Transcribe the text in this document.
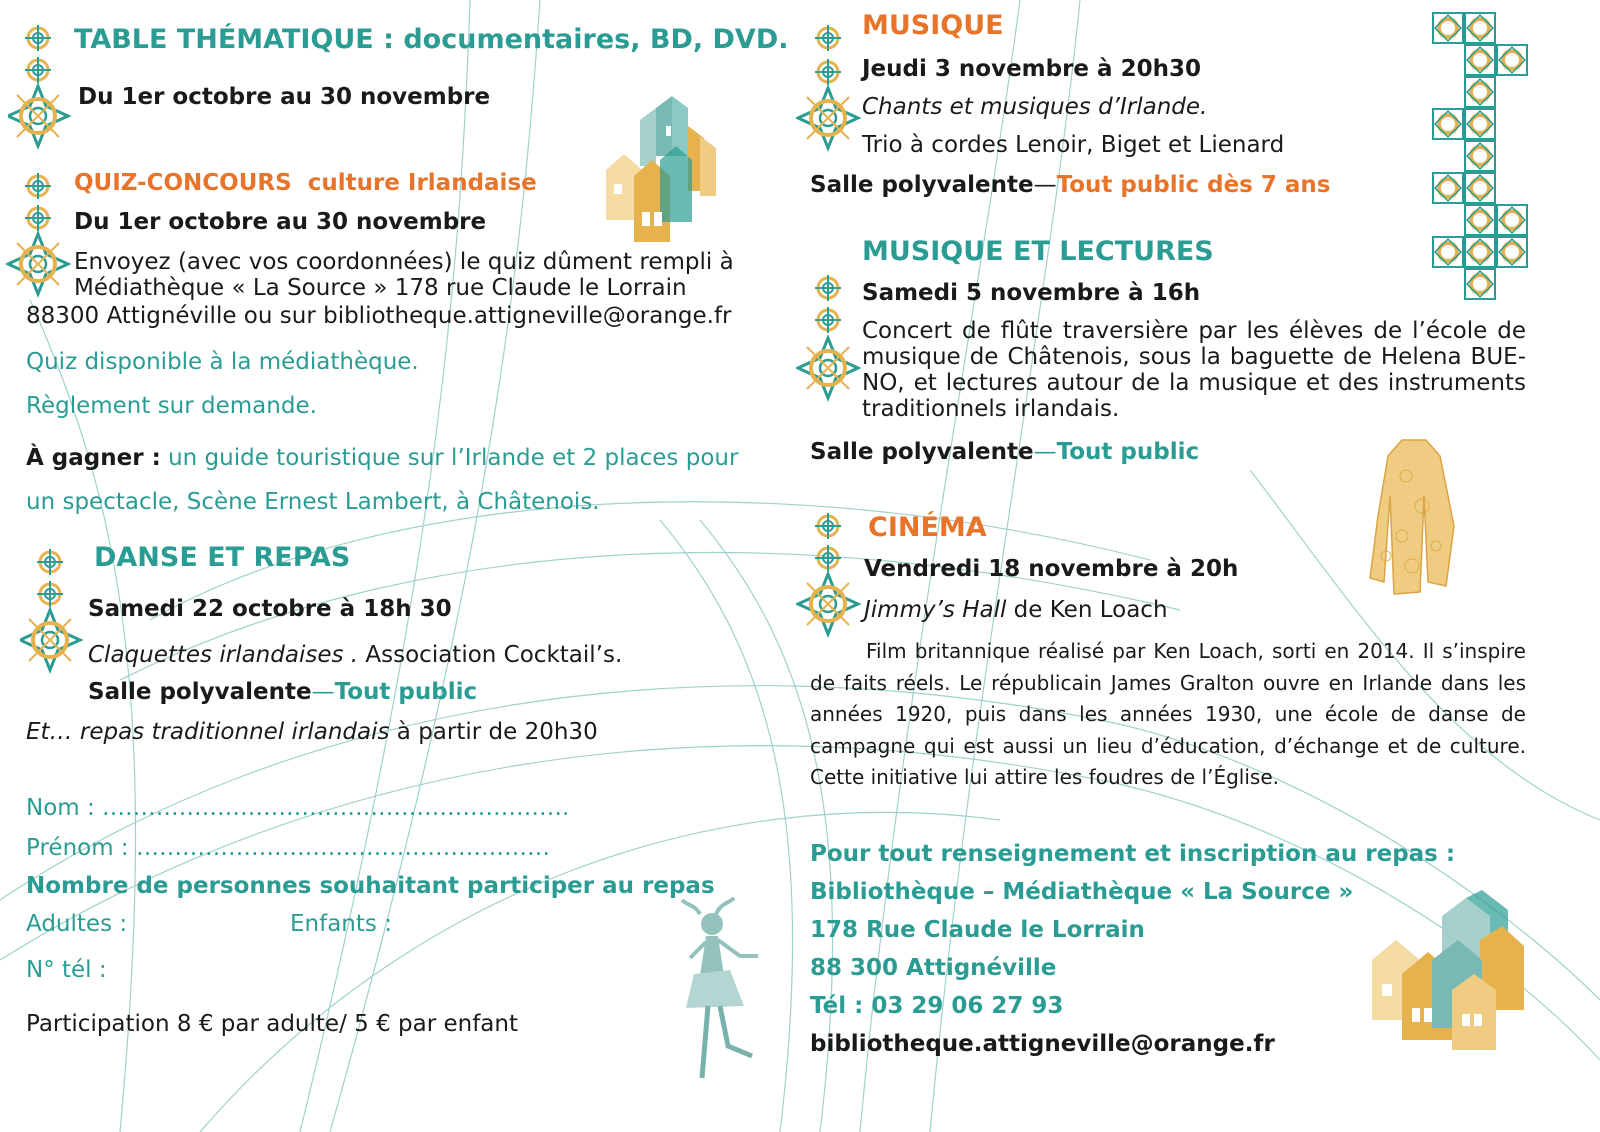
TABLE THÉMATIQUE : documentaires, BD, DVD.
Du 1er octobre au 30 novembre
QUIZ-CONCOURS culture Irlandaise
Du 1er octobre au 30 novembre
Envoyez (avec vos coordonnées) le quiz dûment rempli à
Médiathèque « La Source » 178 rue Claude le Lorrain
88300 Attignéville ou sur bibliotheque.attigneville@orange.fr
Quiz disponible à la médiathèque.
Règlement sur demande.
À gagner : un guide touristique sur l’Irlande et 2 places pour
un spectacle, Scène Ernest Lambert, à Châtenois.
DANSE ET REPAS
Samedi 22 octobre à 18h 30
Claquettes irlandaises . Association Cocktail’s.
Salle polyvalente—Tout public
Et… repas traditionnel irlandais à partir de 20h30
Nom : …………………………………………………….
Prénom : ………………………………………………
Nombre de personnes souhaitant participer au repas
Adultes :	Enfants :
N° tél :
Participation 8 € par adulte/ 5 € par enfant
MUSIQUE
Jeudi 3 novembre à 20h30
Chants et musiques d’Irlande.
Trio à cordes Lenoir, Biget et Lienard
Salle polyvalente—Tout public dès 7 ans
MUSIQUE ET LECTURES
Samedi 5 novembre à 16h
Concert de flûte traversière par les élèves de l’école de musique de Châtenois, sous la baguette de Helena BUE-NO, et lectures autour de la musique et des instruments traditionnels irlandais.
Salle polyvalente—Tout public
CINÉMA
Vendredi 18 novembre à 20h
Jimmy’s Hall de Ken Loach
Film britannique réalisé par Ken Loach, sorti en 2014. Il s’inspire de faits réels. Le républicain James Gralton ouvre en Irlande dans les années 1920, puis dans les années 1930, une école de danse de campagne qui est aussi un lieu d’éducation, d’échange et de culture. Cette initiative lui attire les foudres de l’Église.
Pour tout renseignement et inscription au repas :
Bibliothèque – Médiathèque « La Source »
178 Rue Claude le Lorrain
88 300 Attignéville
Tél : 03 29 06 27 93
bibliotheque.attigneville@orange.fr
